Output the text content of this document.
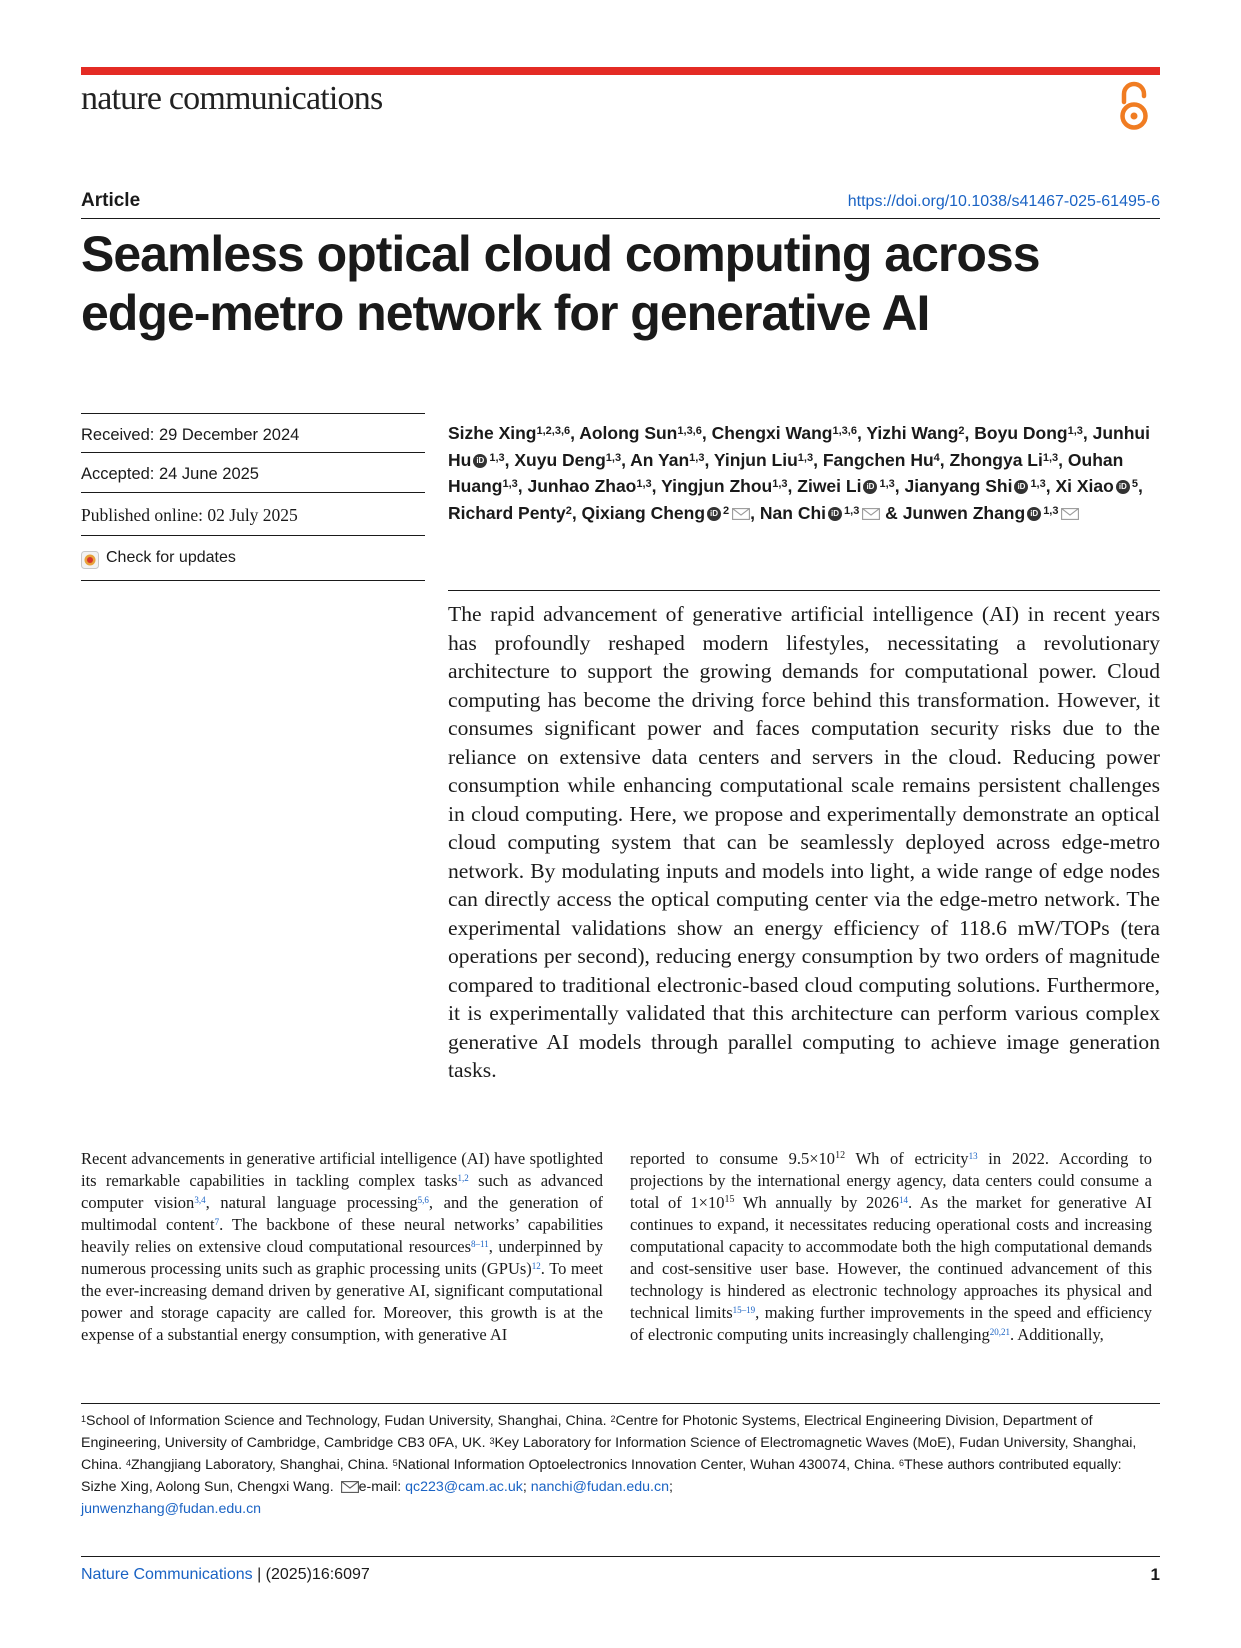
nature communications
Article	https://doi.org/10.1038/s41467-025-61495-6
Seamless optical cloud computing across edge-metro network for generative AI
Received: 29 December 2024
Accepted: 24 June 2025
Published online: 02 July 2025
Check for updates
Sizhe Xing$^{1,2,3,6}$, Aolong Sun$^{1,3,6}$, Chengxi Wang$^{1,3,6}$, Yizhi Wang$^2$, Boyu Dong$^{1,3}$, Junhui Hu iD $^{1,3}$, Xuyu Deng$^{1,3}$, An Yan$^{1,3}$, Yinjun Liu$^{1,3}$, Fangchen Hu$^4$, Zhongya Li$^{1,3}$, Ouhan Huang$^{1,3}$, Junhao Zhao$^{1,3}$, Yingjun Zhou$^{1,3}$, Ziwei Li iD $^{1,3}$, Jianyang Shi iD $^{1,3}$, Xi Xiao iD $^5$, Richard Penty$^2$, Qixiang Cheng iD $^2$ , Nan Chi iD $^{1,3}$ & Junwen Zhang iD $^{1,3}$

The rapid advancement of generative artificial intelligence (AI) in recent years has profoundly reshaped modern lifestyles, necessitating a revolutionary architecture to support the growing demands for computational power. Cloud computing has become the driving force behind this transformation. However, it consumes significant power and faces computation security risks due to the reliance on extensive data centers and servers in the cloud. Reducing power consumption while enhancing computational scale remains persistent challenges in cloud computing. Here, we propose and experimentally demonstrate an optical cloud computing system that can be seamlessly deployed across edge-metro network. By modulating inputs and models into light, a wide range of edge nodes can directly access the optical computing center via the edge-metro network. The experimental validations show an energy efficiency of 118.6 mW/TOPs (tera operations per second), reducing energy consumption by two orders of magnitude compared to traditional electronic-based cloud computing solutions. Furthermore, it is experimentally validated that this architecture can perform various complex generative AI models through parallel computing to achieve image generation tasks.

Recent advancements in generative artificial intelligence (AI) have spotlighted its remarkable capabilities in tackling complex tasks$^{1,2}$ such as advanced computer vision$^{3,4}$, natural language processing$^{5,6}$, and the generation of multimodal content$^7$. The backbone of these neural networks’ capabilities heavily relies on extensive cloud computational resources$^{8-11}$, underpinned by numerous processing units such as graphic processing units (GPUs)$^{12}$. To meet the ever-increasing demand driven by generative AI, significant computational power and storage capacity are called for. Moreover, this growth is at the expense of a substantial energy consumption, with generative AI

reported to consume $9.5\times 10^{12}$ Wh of ectricity$^{13}$ in 2022. According to projections by the international energy agency, data centers could consume a total of $1\times 10^{15}$ Wh annually by 2026$^{14}$. As the market for generative AI continues to expand, it necessitates reducing operational costs and increasing computational capacity to accommodate both the high computational demands and cost-sensitive user base. However, the continued advancement of this technology is hindered as electronic technology approaches its physical and technical limits$^{15-19}$, making further improvements in the speed and efficiency of electronic computing units increasingly challenging$^{20,21}$. Additionally,

$^1$School of Information Science and Technology, Fudan University, Shanghai, China. $^2$Centre for Photonic Systems, Electrical Engineering Division, Department of Engineering, University of Cambridge, Cambridge CB3 0FA, UK. $^3$Key Laboratory for Information Science of Electromagnetic Waves (MoE), Fudan University, Shanghai, China. $^4$Zhangjiang Laboratory, Shanghai, China. $^5$National Information Optoelectronics Innovation Center, Wuhan 430074, China. $^6$These authors contributed equally: Sizhe Xing, Aolong Sun, Chengxi Wang. e-mail: qc223@cam.ac.uk; nanchi@fudan.edu.cn;
junwenzhang@fudan.edu.cn

Nature Communications | (2025)16:6097	1
